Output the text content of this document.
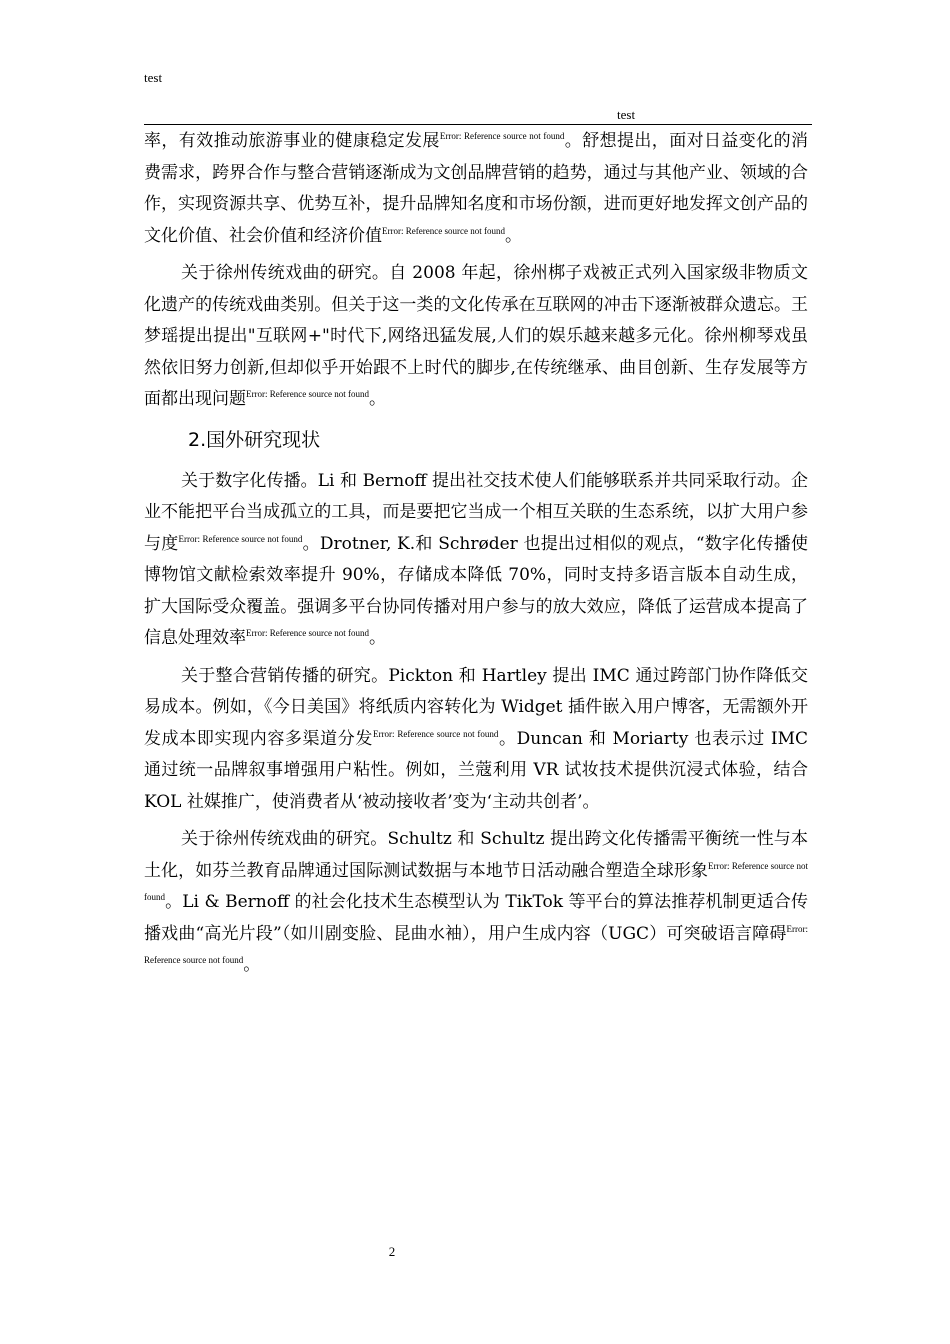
test
test

率，有效推动旅游事业的健康稳定发展$^{Error: Reference source not found}$。舒想提出，面对日益变化的消费需求，跨界合作与整合营销逐渐成为文创品牌营销的趋势，通过与其他产业、领域的合作，实现资源共享、优势互补，提升品牌知名度和市场份额，进而更好地发挥文创产品的文化价值、社会价值和经济价值$^{Error: Reference source not found}$。

关于徐州传统戏曲的研究。自 2008 年起，徐州梆子戏被正式列入国家级非物质文化遗产的传统戏曲类别。但关于这一类的文化传承在互联网的冲击下逐渐被群众遗忘。王梦瑶提出提出"互联网+"时代下,网络迅猛发展,人们的娱乐越来越多元化。徐州柳琴戏虽然依旧努力创新,但却似乎开始跟不上时代的脚步,在传统继承、曲目创新、生存发展等方面都出现问题$^{Error: Reference source not found}$。

2.国外研究现状

关于数字化传播。Li 和 Bernoff 提出社交技术使人们能够联系并共同采取行动。企业不能把平台当成孤立的工具，而是要把它当成一个相互关联的生态系统，以扩大用户参与度$^{Error: Reference source not found}$。Drotner, K.和 Schrøder 也提出过相似的观点，“数字化传播使博物馆文献检索效率提升 90%，存储成本降低 70%，同时支持多语言版本自动生成，扩大国际受众覆盖。强调多平台协同传播对用户参与的放大效应，降低了运营成本提高了信息处理效率$^{Error: Reference source not found}$。

关于整合营销传播的研究。Pickton 和 Hartley 提出 IMC 通过跨部门协作降低交易成本。例如，《今日美国》将纸质内容转化为 Widget 插件嵌入用户博客，无需额外开发成本即实现内容多渠道分发$^{Error: Reference source not found}$。Duncan 和 Moriarty 也表示过 IMC 通过统一品牌叙事增强用户粘性。例如，兰蔻利用 VR 试妆技术提供沉浸式体验，结合 KOL 社媒推广，使消费者从‘被动接收者’变为‘主动共创者’。

关于徐州传统戏曲的研究。Schultz 和 Schultz 提出跨文化传播需平衡统一性与本土化，如芬兰教育品牌通过国际测试数据与本地节日活动融合塑造全球形象$^{Error: Reference source not found}$。Li & Bernoff 的社会化技术生态模型认为 TikTok 等平台的算法推荐机制更适合传播戏曲“高光片段”（如川剧变脸、昆曲水袖），用户生成内容（UGC）可突破语言障碍$^{Error: Reference source not found}$。

2
